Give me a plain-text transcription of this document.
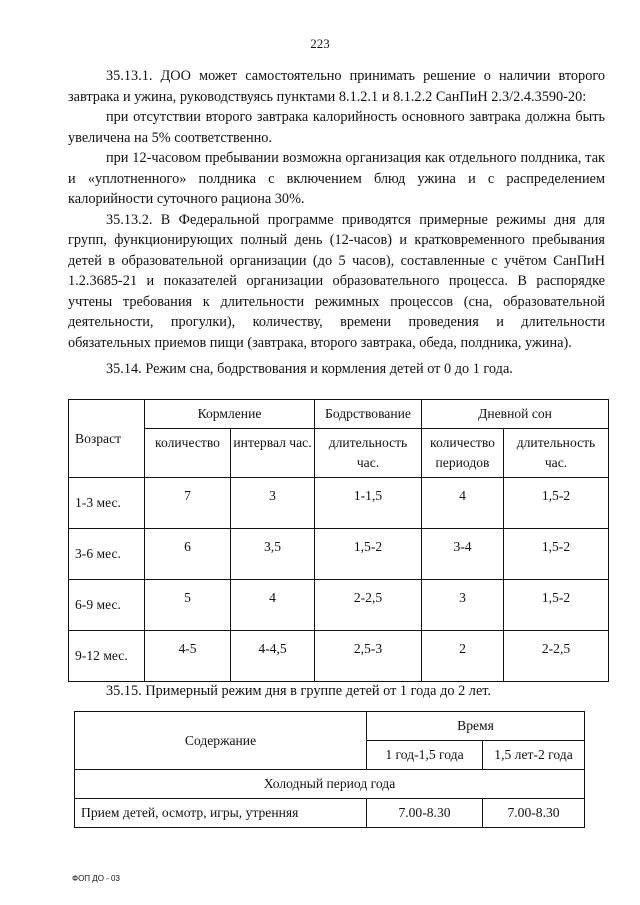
223

35.13.1. ДОО может самостоятельно принимать решение о наличии второго завтрака и ужина, руководствуясь пунктами 8.1.2.1 и 8.1.2.2 СанПиН 2.3/2.4.3590-20:

при отсутствии второго завтрака калорийность основного завтрака должна быть увеличена на 5% соответственно.

при 12-часовом пребывании возможна организация как отдельного полдника, так и «уплотненного» полдника с включением блюд ужина и с распределением калорийности суточного рациона 30%.

35.13.2. В Федеральной программе приводятся примерные режимы дня для групп, функционирующих полный день (12-часов) и кратковременного пребывания детей в образовательной организации (до 5 часов), составленные с учётом СанПиН 1.2.3685-21 и показателей организации образовательного процесса. В распорядке учтены требования к длительности режимных процессов (сна, образовательной деятельности, прогулки), количеству, времени проведения и длительности обязательных приемов пищи (завтрака, второго завтрака, обеда, полдника, ужина).

35.14. Режим сна, бодрствования и кормления детей от 0 до 1 года.

Возраст	Кормление		Бодрствование	Дневной сон	
	количество	интервал час.	длительность час.	количество периодов	длительность час.
1-3 мес.	7	3	1-1,5	4	1,5-2
3-6 мес.	6	3,5	1,5-2	3-4	1,5-2
6-9 мес.	5	4	2-2,5	3	1,5-2
9-12 мес.	4-5	4-4,5	2,5-3	2	2-2,5

35.15. Примерный режим дня в группе детей от 1 года до 2 лет.

Содержание	Время	
	1 год-1,5 года	1,5 лет-2 года
Холодный период года		
Прием детей, осмотр, игры, утренняя	7.00-8.30	7.00-8.30
ФОП ДО - 03
